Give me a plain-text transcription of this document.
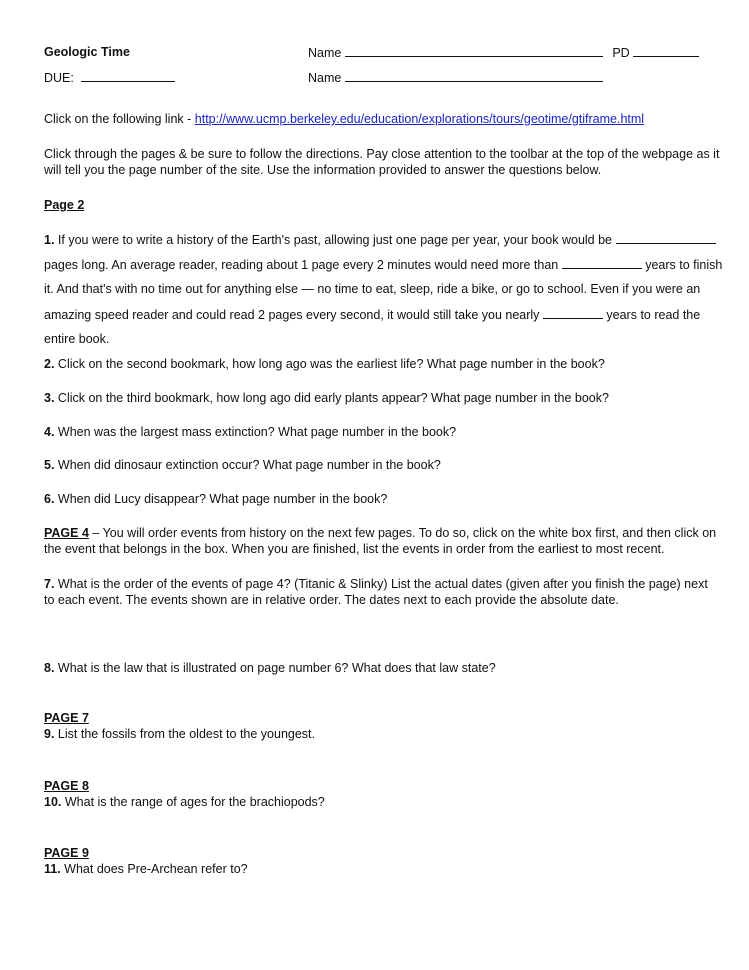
Geologic Time	Name	PD
DUE:	Name
Click on the following link - http://www.ucmp.berkeley.edu/education/explorations/tours/geotime/gtiframe.html
Click through the pages & be sure to follow the directions. Pay close attention to the toolbar at the top of the webpage as it
will tell you the page number of the site. Use the information provided to answer the questions below.
Page 2
1. If you were to write a history of the Earth's past, allowing just one page per year, your book would be
pages long. An average reader, reading about 1 page every 2 minutes would need more than	years to finish
it. And that's with no time out for anything else — no time to eat, sleep, ride a bike, or go to school. Even if you were an
amazing speed reader and could read 2 pages every second, it would still take you nearly	years to read the
entire book.
2. Click on the second bookmark, how long ago was the earliest life? What page number in the book?
3. Click on the third bookmark, how long ago did early plants appear? What page number in the book?
4. When was the largest mass extinction? What page number in the book?
5. When did dinosaur extinction occur? What page number in the book?
6. When did Lucy disappear? What page number in the book?
PAGE 4 – You will order events from history on the next few pages. To do so, click on the white box first, and then click on
the event that belongs in the box. When you are finished, list the events in order from the earliest to most recent.
7. What is the order of the events of page 4? (Titanic & Slinky) List the actual dates (given after you finish the page) next
to each event. The events shown are in relative order. The dates next to each provide the absolute date.
8. What is the law that is illustrated on page number 6? What does that law state?
PAGE 7
9. List the fossils from the oldest to the youngest.
PAGE 8
10. What is the range of ages for the brachiopods?
PAGE 9
11. What does Pre-Archean refer to?
